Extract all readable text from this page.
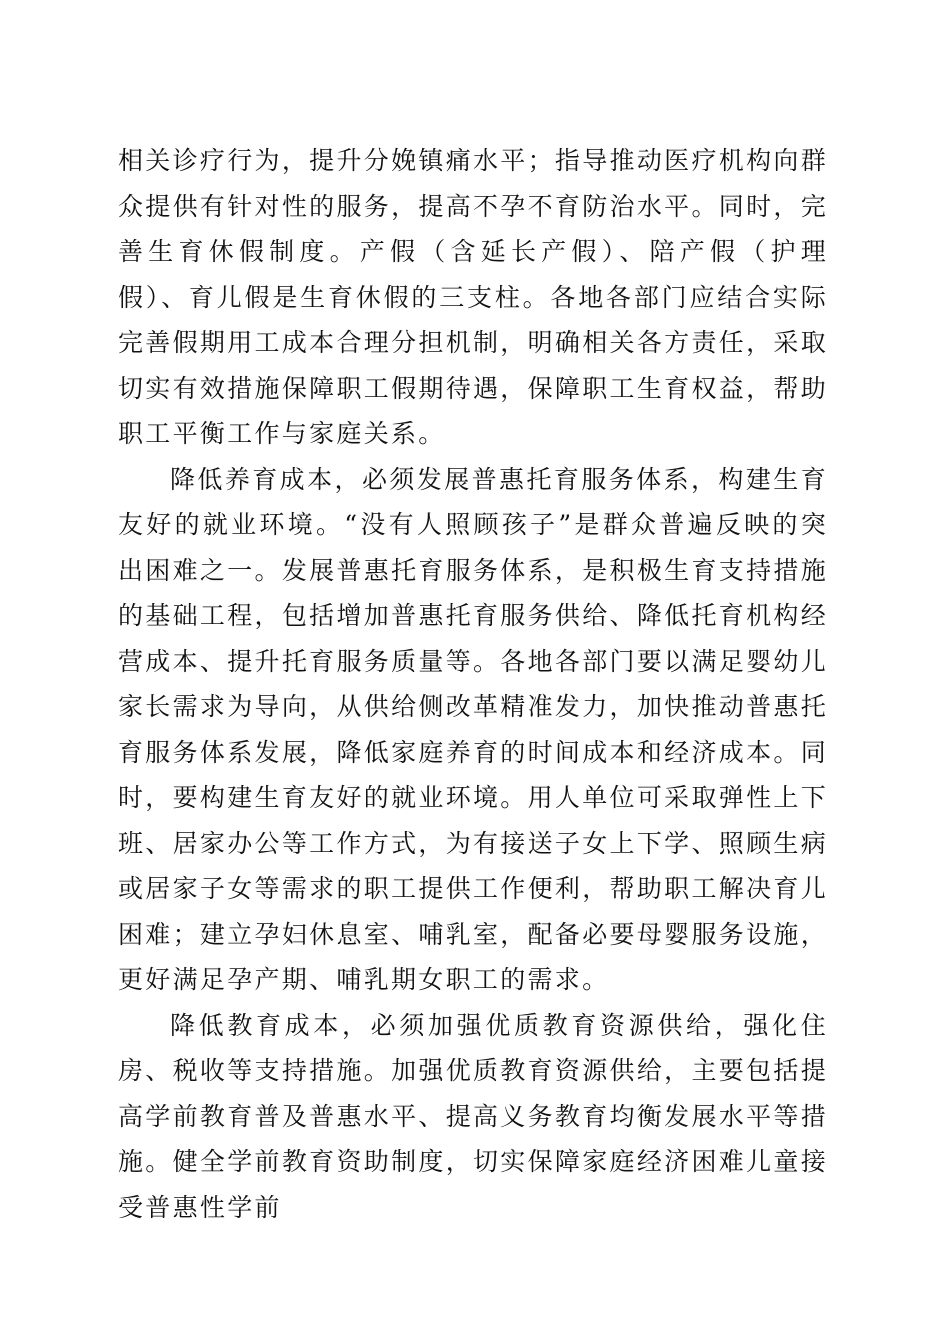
相关诊疗行为，提升分娩镇痛水平；指导推动医疗机构向群众提供有针对性的服务，提高不孕不育防治水平。同时，完善生育休假制度。产假（含延长产假）、陪产假（护理假）、育儿假是生育休假的三支柱。各地各部门应结合实际完善假期用工成本合理分担机制，明确相关各方责任，采取切实有效措施保障职工假期待遇，保障职工生育权益，帮助职工平衡工作与家庭关系。

降低养育成本，必须发展普惠托育服务体系，构建生育友好的就业环境。“没有人照顾孩子”是群众普遍反映的突出困难之一。发展普惠托育服务体系，是积极生育支持措施的基础工程，包括增加普惠托育服务供给、降低托育机构经营成本、提升托育服务质量等。各地各部门要以满足婴幼儿家长需求为导向，从供给侧改革精准发力，加快推动普惠托育服务体系发展，降低家庭养育的时间成本和经济成本。同时，要构建生育友好的就业环境。用人单位可采取弹性上下班、居家办公等工作方式，为有接送子女上下学、照顾生病或居家子女等需求的职工提供工作便利，帮助职工解决育儿困难；建立孕妇休息室、哺乳室，配备必要母婴服务设施，更好满足孕产期、哺乳期女职工的需求。

降低教育成本，必须加强优质教育资源供给，强化住房、税收等支持措施。加强优质教育资源供给，主要包括提高学前教育普及普惠水平、提高义务教育均衡发展水平等措施。健全学前教育资助制度，切实保障家庭经济困难儿童接受普惠性学前
